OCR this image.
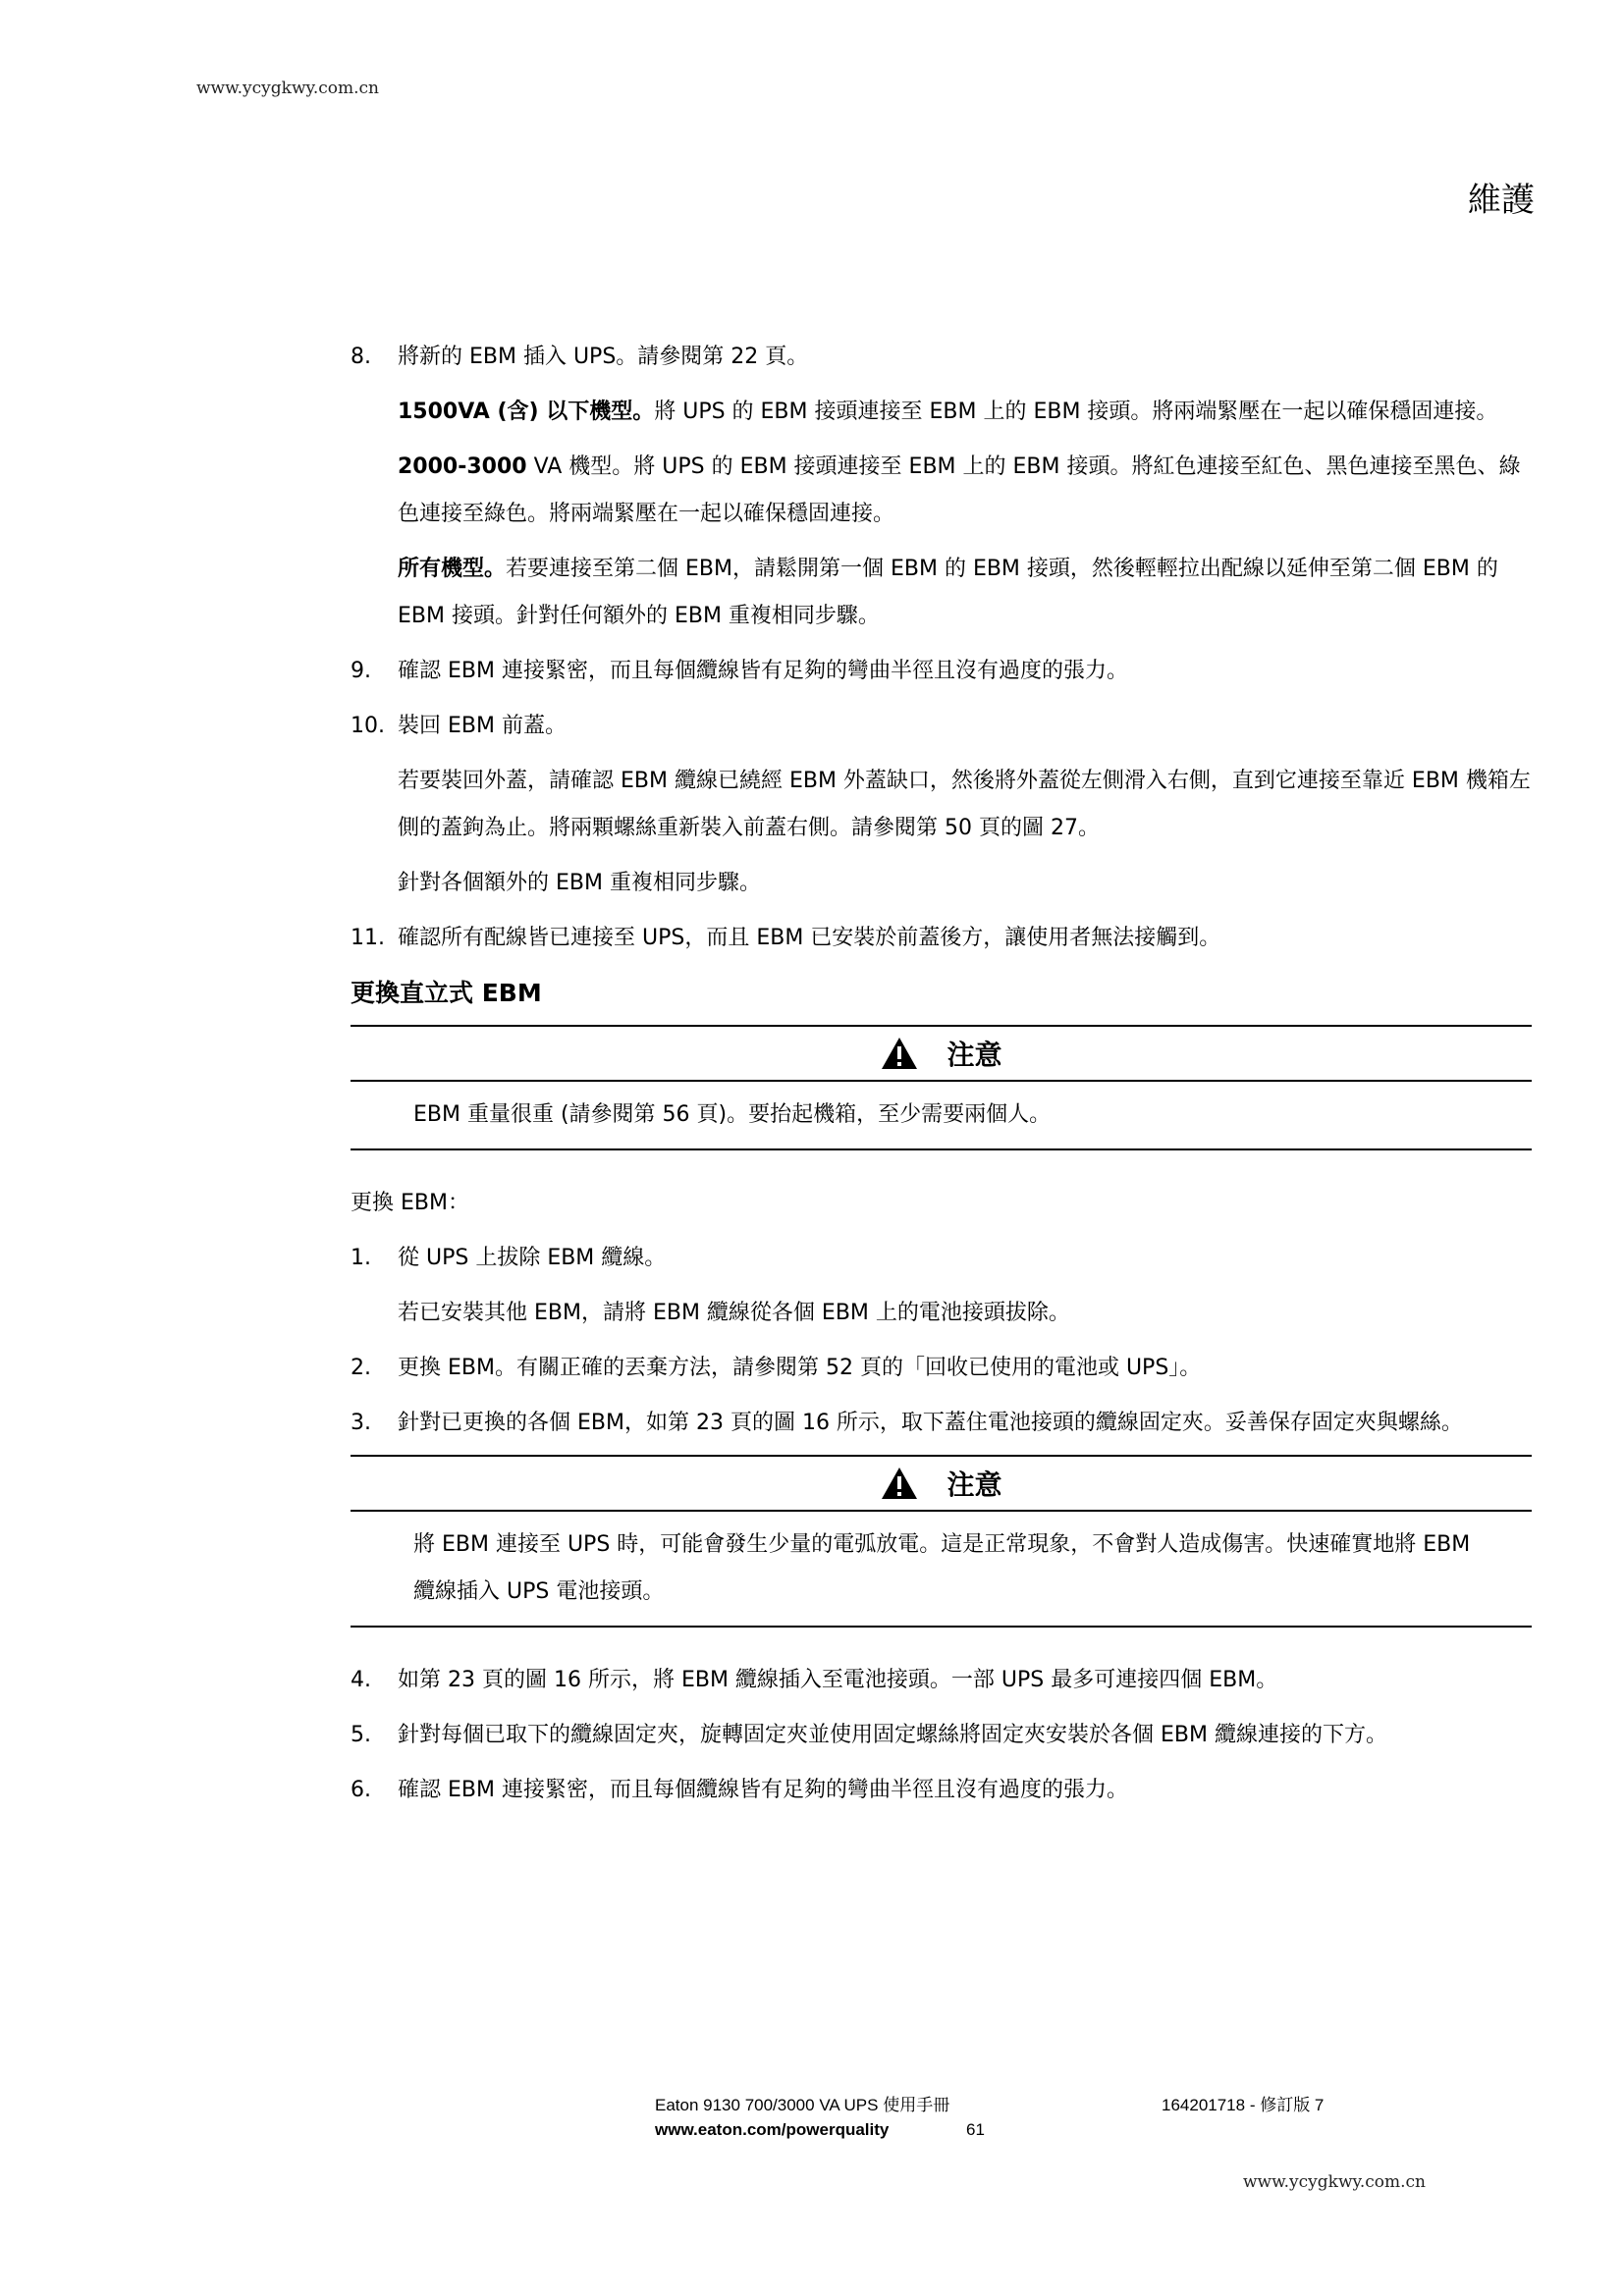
www.ycygkwy.com.cn
維護
8. 將新的 EBM 插入 UPS。請參閱第 22 頁。
1500VA (含) 以下機型。將 UPS 的 EBM 接頭連接至 EBM 上的 EBM 接頭。將兩端緊壓在一起以確保穩固連接。
2000-3000 VA 機型。將 UPS 的 EBM 接頭連接至 EBM 上的 EBM 接頭。將紅色連接至紅色、黑色連接至黑色、綠色連接至綠色。將兩端緊壓在一起以確保穩固連接。
所有機型。若要連接至第二個 EBM，請鬆開第一個 EBM 的 EBM 接頭，然後輕輕拉出配線以延伸至第二個 EBM 的 EBM 接頭。針對任何額外的 EBM 重複相同步驟。
9. 確認 EBM 連接緊密，而且每個纜線皆有足夠的彎曲半徑且沒有過度的張力。
10. 裝回 EBM 前蓋。
若要裝回外蓋，請確認 EBM 纜線已繞經 EBM 外蓋缺口，然後將外蓋從左側滑入右側，直到它連接至靠近 EBM 機箱左側的蓋鉤為止。將兩顆螺絲重新裝入前蓋右側。請參閱第 50 頁的圖 27。
針對各個額外的 EBM 重複相同步驟。
11. 確認所有配線皆已連接至 UPS，而且 EBM 已安裝於前蓋後方，讓使用者無法接觸到。
更換直立式 EBM
注意
EBM 重量很重 (請參閱第 56 頁)。要抬起機箱，至少需要兩個人。
更換 EBM：
1. 從 UPS 上拔除 EBM 纜線。
若已安裝其他 EBM，請將 EBM 纜線從各個 EBM 上的電池接頭拔除。
2. 更換 EBM。有關正確的丟棄方法，請參閱第 52 頁的「回收已使用的電池或 UPS」。
3. 針對已更換的各個 EBM，如第 23 頁的圖 16 所示，取下蓋住電池接頭的纜線固定夾。妥善保存固定夾與螺絲。
注意
將 EBM 連接至 UPS 時，可能會發生少量的電弧放電。這是正常現象，不會對人造成傷害。快速確實地將 EBM 纜線插入 UPS 電池接頭。
4. 如第 23 頁的圖 16 所示，將 EBM 纜線插入至電池接頭。一部 UPS 最多可連接四個 EBM。
5. 針對每個已取下的纜線固定夾，旋轉固定夾並使用固定螺絲將固定夾安裝於各個 EBM 纜線連接的下方。
6. 確認 EBM 連接緊密，而且每個纜線皆有足夠的彎曲半徑且沒有過度的張力。
Eaton 9130 700/3000 VA UPS 使用手冊	164201718 - 修訂版 7
www.eaton.com/powerquality	61
www.ycygkwy.com.cn
